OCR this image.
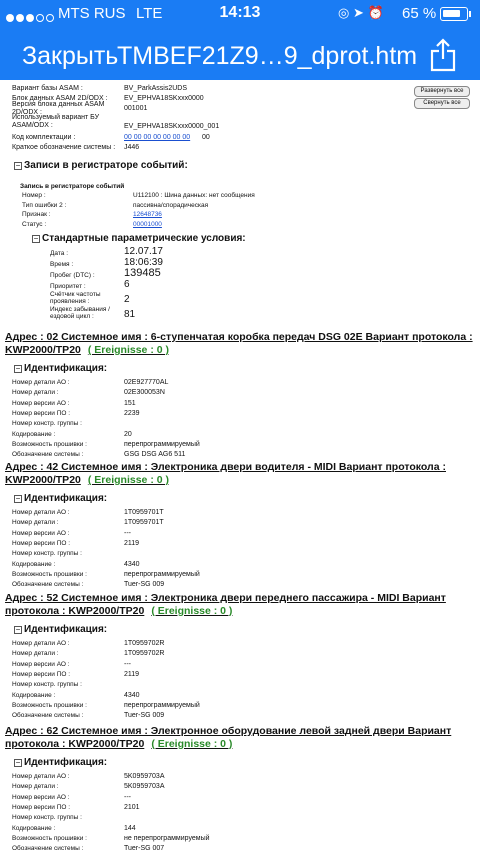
MTS RUS LTE	14:13	◎ ➤ ⏰ 65 %
Закрыть
TMBEF21Z9…9_dprot.htm
Вариант базы ASAM :	BV_ParkAssis2UDS
Блок данных ASAM 2D/ODX :	EV_EPHVA18SKxxx0000
Версия блока данных ASAM 2D/ODX :
001001
Используемый вариант БУ ASAM/ODX :	EV_EPHVA18SKxxx0000_001
Код комплектации :	00 00 00 00 00 00 00 00
Краткое обозначение системы :	J446
Развернуть все
Свернуть все
− Записи в регистраторе событий:
Запись в регистраторе событий
Номер :	U112100 : Шина данных: нет сообщения
Тип ошибки 2 :	пассивна/спорадическая
Признак :	12648736
Статус :	00001000
− Стандартные параметрические условия:
Дата :	12.07.17
Время :	18:06:39
Пробег (DTC) :	139485
Приоритет :	6
Счётчик частоты проявления :	2
Индекс забывания / ездовой цикл :	81
Адрес : 02 Системное имя : 6-ступенчатая коробка передач DSG 02E Вариант протокола :
KWP2000/TP20 ( Ereignisse : 0 )
− Идентификация:
Номер детали АО :	02E927770AL
Номер детали :	02E300053N
Номер версии АО :	151
Номер версии ПО :	2239
Номер констр. группы :
Кодирование :	20
Возможность прошивки :	перепрограммируемый
Обозначение системы :	GSG DSG AG6 511
Адрес : 42 Системное имя : Электроника двери водителя - MIDI Вариант протокола :
KWP2000/TP20 ( Ereignisse : 0 )
− Идентификация:
Номер детали АО :	1T0959701T
Номер детали :	1T0959701T
Номер версии АО :	---
Номер версии ПО :	2119
Номер констр. группы :
Кодирование :	4340
Возможность прошивки :	перепрограммируемый
Обозначение системы :	Tuer-SG 009
Адрес : 52 Системное имя : Электроника двери переднего пассажира - MIDI Вариант
протокола : KWP2000/TP20 ( Ereignisse : 0 )
− Идентификация:
Номер детали АО :	1T0959702R
Номер детали :	1T0959702R
Номер версии АО :	---
Номер версии ПО :	2119
Номер констр. группы :
Кодирование :	4340
Возможность прошивки :	перепрограммируемый
Обозначение системы :	Tuer-SG 009
Адрес : 62 Системное имя : Электронное оборудование левой задней двери Вариант
протокола : KWP2000/TP20 ( Ereignisse : 0 )
− Идентификация:
Номер детали АО :	5K0959703A
Номер детали :	5K0959703A
Номер версии АО :	---
Номер версии ПО :	2101
Номер констр. группы :
Кодирование :	144
Возможность прошивки :	не перепрограммируемый
Обозначение системы :	Tuer-SG 007
